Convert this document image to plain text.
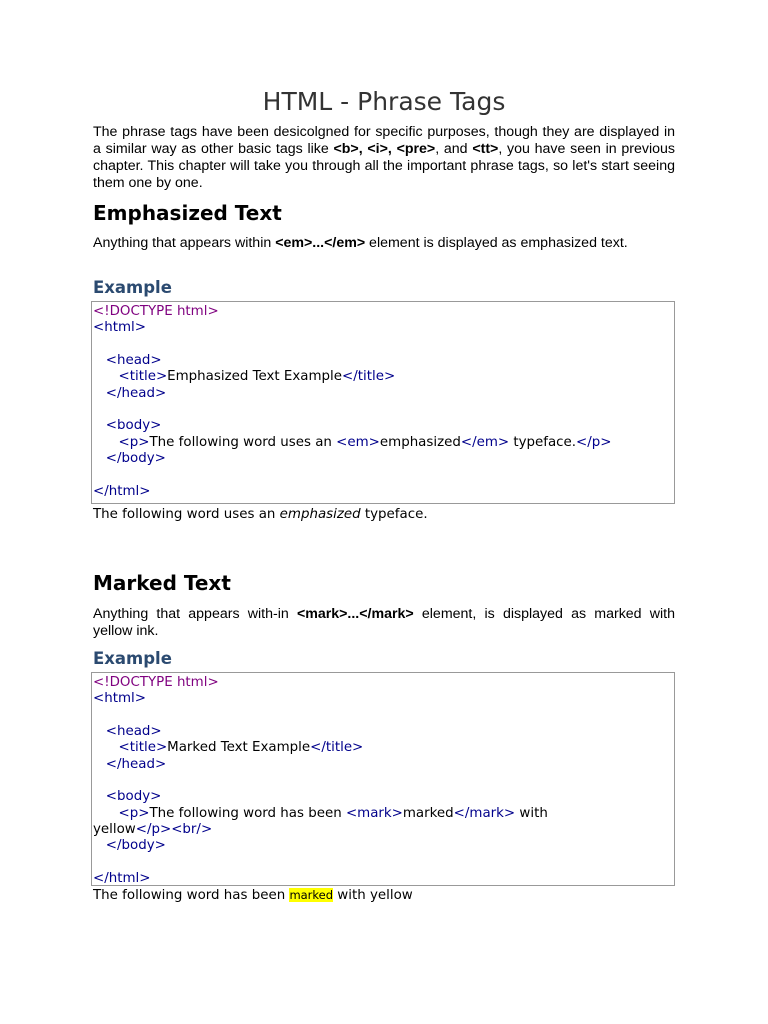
HTML - Phrase Tags

The phrase tags have been desicolgned for specific purposes, though they are displayed in a similar way as other basic tags like <b>, <i>, <pre>, and <tt>, you have seen in previous chapter. This chapter will take you through all the important phrase tags, so let's start seeing them one by one.

Emphasized Text

Anything that appears within <em>...</em> element is displayed as emphasized text.

Example
<!DOCTYPE html>
<html>

<head>
<title>Emphasized Text Example</title>
</head>

<body>
<p>The following word uses an <em>emphasized</em> typeface.</p>
</body>

</html>

The following word uses an emphasized typeface.

Marked Text

Anything that appears with-in <mark>...</mark> element, is displayed as marked with yellow ink.

Example
<!DOCTYPE html>
<html>

<head>
<title>Marked Text Example</title>
</head>

<body>
<p>The following word has been <mark>marked</mark> with
yellow</p><br/>
</body>

</html>

The following word has been marked with yellow
